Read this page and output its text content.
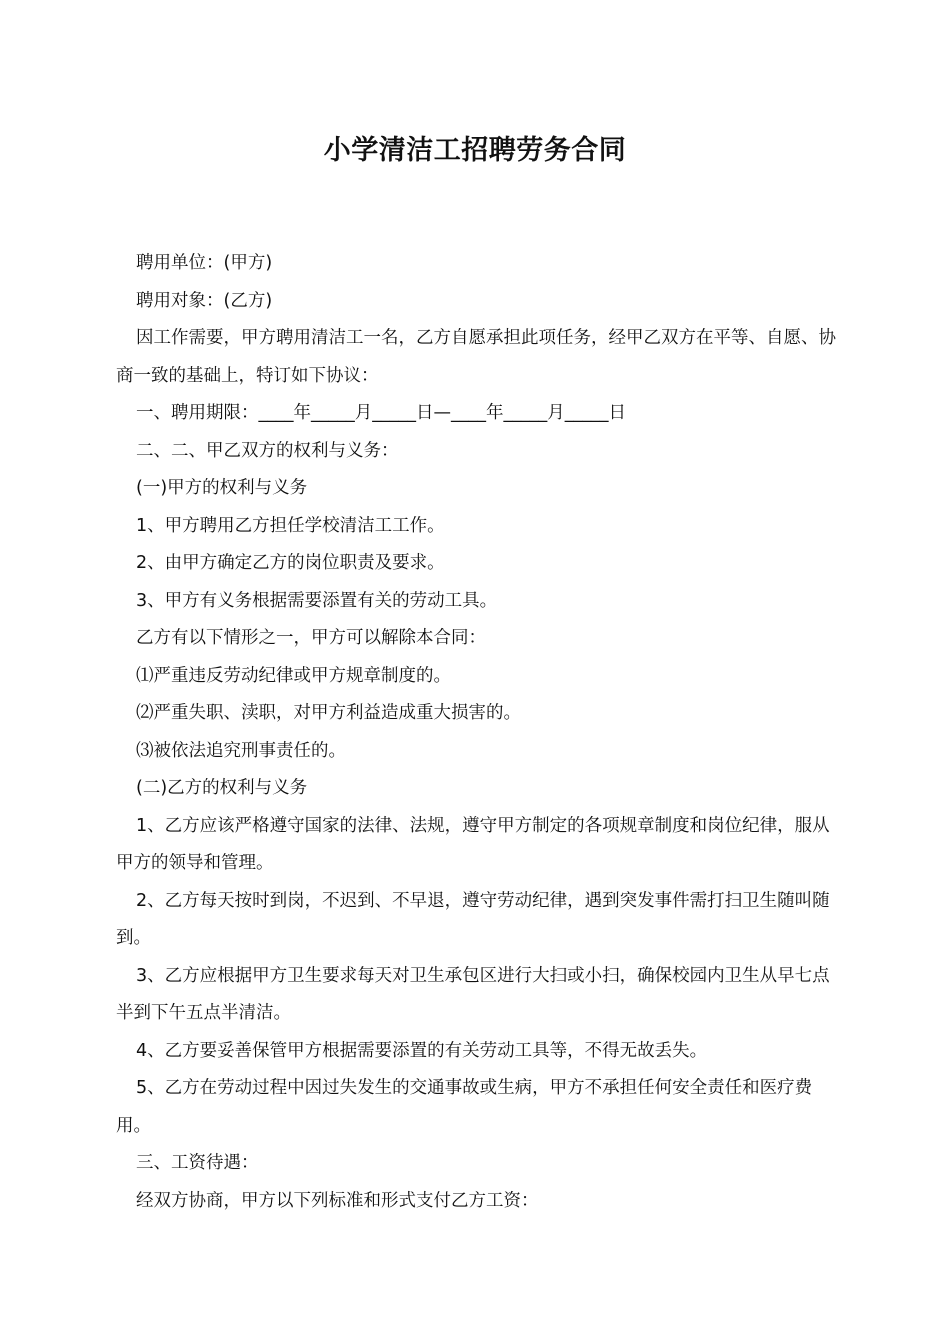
小学清洁工招聘劳务合同

聘用单位：(甲方)

聘用对象：(乙方)

因工作需要，甲方聘用清洁工一名，乙方自愿承担此项任务，经甲乙双方在平等、自愿、协商一致的基础上，特订如下协议：

一、聘用期限：____年_____月_____日—____年_____月_____日

二、二、甲乙双方的权利与义务：

(一)甲方的权利与义务

1、甲方聘用乙方担任学校清洁工工作。

2、由甲方确定乙方的岗位职责及要求。

3、甲方有义务根据需要添置有关的劳动工具。

乙方有以下情形之一，甲方可以解除本合同：

⑴严重违反劳动纪律或甲方规章制度的。

⑵严重失职、渎职，对甲方利益造成重大损害的。

⑶被依法追究刑事责任的。

(二)乙方的权利与义务

1、乙方应该严格遵守国家的法律、法规，遵守甲方制定的各项规章制度和岗位纪律，服从甲方的领导和管理。

2、乙方每天按时到岗，不迟到、不早退，遵守劳动纪律，遇到突发事件需打扫卫生随叫随到。

3、乙方应根据甲方卫生要求每天对卫生承包区进行大扫或小扫，确保校园内卫生从早七点半到下午五点半清洁。

4、乙方要妥善保管甲方根据需要添置的有关劳动工具等，不得无故丢失。

5、乙方在劳动过程中因过失发生的交通事故或生病，甲方不承担任何安全责任和医疗费用。

三、工资待遇：

经双方协商，甲方以下列标准和形式支付乙方工资：
